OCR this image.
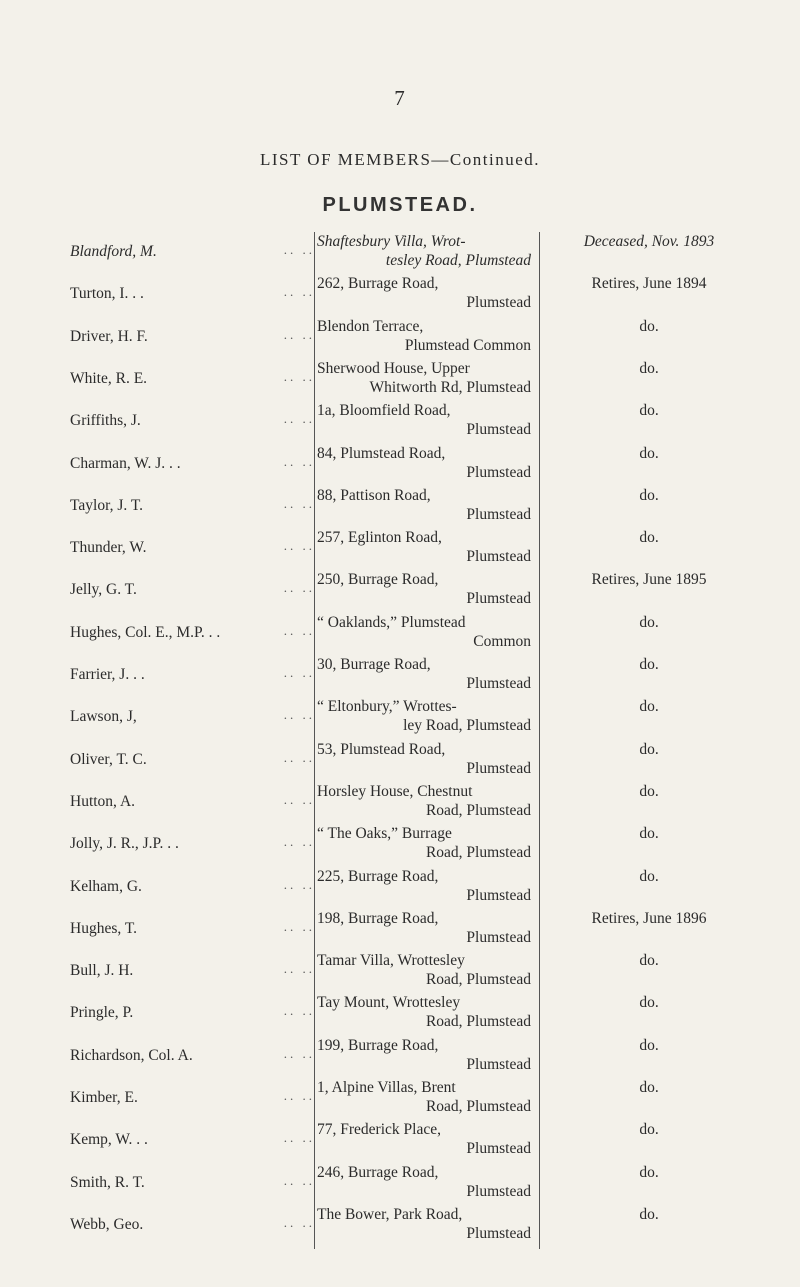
7
LIST OF MEMBERS—Continued.
PLUMSTEAD.
Blandford, M.	.. .. Shaftesbury Villa, Wrot-
tesley Road, Plumstead
Deceased, Nov. 1893
Turton, I. . .	.. .. 262, Burrage Road,
Plumstead
Retires, June 1894
Driver, H. F.	.. .. Blendon Terrace,
Plumstead Common
do.
White, R. E.	.. .. Sherwood House, Upper
Whitworth Rd, Plumstead
do.
Griffiths, J.	.. .. 1a, Bloomfield Road,
Plumstead
do.
Charman, W. J. . .	.. .. 84, Plumstead Road,
Plumstead
do.
Taylor, J. T.	.. .. 88, Pattison Road,
Plumstead
do.
Thunder, W.	.. .. 257, Eglinton Road,
Plumstead
do.
Jelly, G. T.	.. .. 250, Burrage Road,
Plumstead
Retires, June 1895
Hughes, Col. E., M.P. . .	.. .. “ Oaklands,” Plumstead
Common
do.
Farrier, J. . .	.. .. 30, Burrage Road,
Plumstead
do.
Lawson, J,	.. .. “ Eltonbury,” Wrottes-
ley Road, Plumstead
do.
Oliver, T. C.	.. .. 53, Plumstead Road,
Plumstead
do.
Hutton, A.	.. .. Horsley House, Chestnut
Road, Plumstead
do.
Jolly, J. R., J.P. . .	.. .. “ The Oaks,” Burrage
Road, Plumstead
do.
Kelham, G.	.. .. 225, Burrage Road,
Plumstead
do.
Hughes, T.	.. .. 198, Burrage Road,
Plumstead
Retires, June 1896
Bull, J. H.	.. .. Tamar Villa, Wrottesley
Road, Plumstead
do.
Pringle, P.	.. .. Tay Mount, Wrottesley
Road, Plumstead
do.
Richardson, Col. A.	.. .. 199, Burrage Road,
Plumstead
do.
Kimber, E.	.. .. 1, Alpine Villas, Brent
Road, Plumstead
do.
Kemp, W. . .	.. .. 77, Frederick Place,
Plumstead
do.
Smith, R. T.	.. .. 246, Burrage Road,
Plumstead
do.
Webb, Geo.	.. .. The Bower, Park Road,
Plumstead
do.
